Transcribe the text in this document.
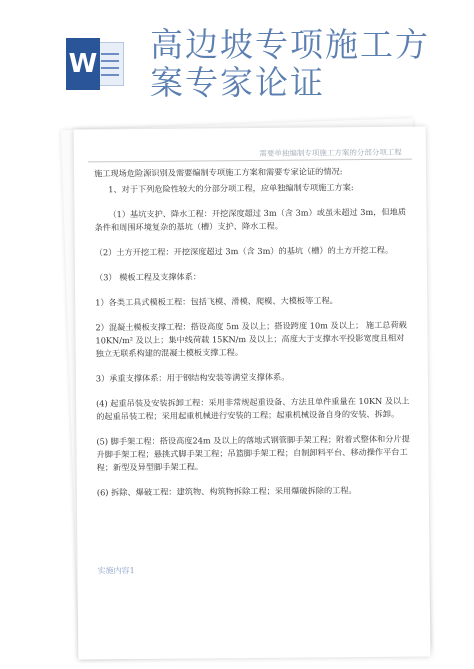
W 高边坡专项施工方案专家论证
需要单独编制专项施工方案的分部分项工程

施工现场危险源识别及需要编制专项施工方案和需要专家论证的情况:

1、对于下列危险性较大的分部分项工程，应单独编制专项施工方案:

（1）基坑支护、降水工程：开挖深度超过 3m（含 3m）或虽未超过 3m，但地质条件和周围环境复杂的基坑（槽）支护、降水工程。

（2）土方开挖工程：开挖深度超过 3m（含 3m）的基坑（槽）的土方开挖工程。

（3） 模板工程及支撑体系：

1）各类工具式模板工程：包括飞模、滑模、爬模、大模板等工程。

2）混凝土模板支撑工程：搭设高度 5m 及以上；搭设跨度 10m 及以上； 施工总荷载 10KN/m² 及以上；集中线荷载 15KN/m 及以上；高度大于支撑水平投影宽度且相对独立无联系构建的混凝土模板支撑工程。

3）承重支撑体系：用于钢结构安装等满堂支撑体系。

(4) 起重吊装及安装拆卸工程：采用非常规起重设备、方法且单件重量在 10KN 及以上的起重吊装工程；采用起重机械进行安装的工程；起重机械设备自身的安装、拆卸。

(5) 脚手架工程：搭设高度24m 及以上的落地式钢管脚手架工程；附着式整体和分片提升脚手架工程；悬挑式脚手架工程；吊篮脚手架工程；自制卸料平台、移动操作平台工程；新型及异型脚手架工程。

(6) 拆除、爆破工程：建筑物、构筑物拆除工程；采用爆破拆除的工程。

实施内容1
